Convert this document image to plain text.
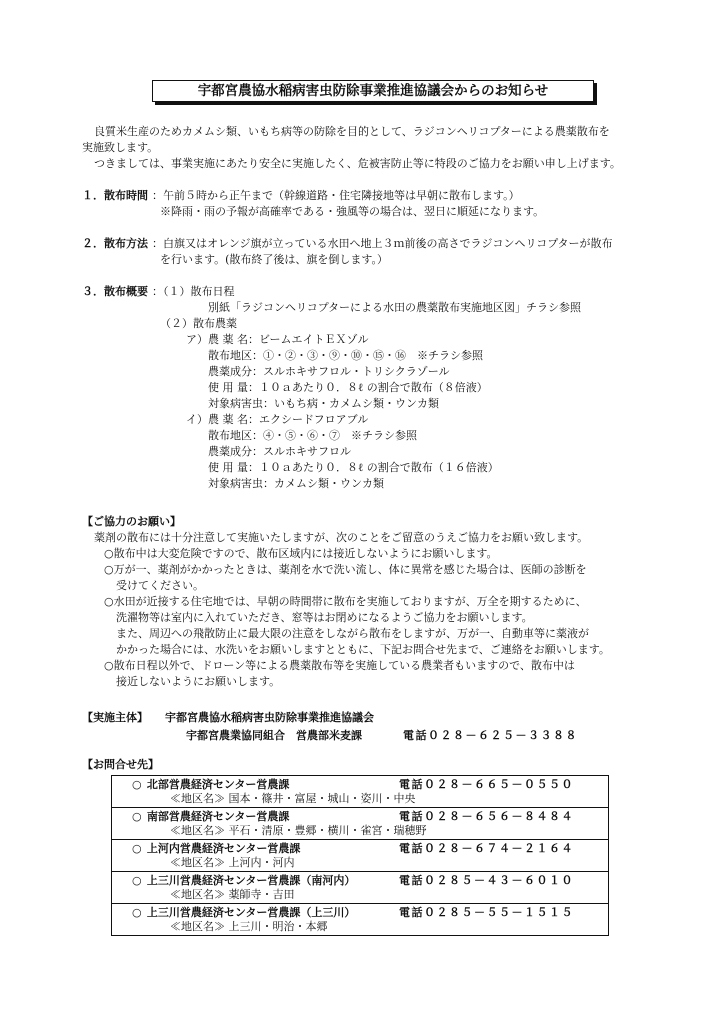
宇都宮農協水稲病害虫防除事業推進協議会からのお知らせ
良質米生産のためカメムシ類、いもち病等の防除を目的として、ラジコンヘリコプターによる農薬散布を
実施致します。
つきましては、事業実施にあたり安全に実施したく、危被害防止等に特段のご協力をお願い申し上げます。
１．散布時間 ：午前５時から正午まで（幹線道路・住宅隣接地等は早朝に散布します。）
※降雨・雨の予報が高確率である・強風等の場合は、翌日に順延になります。
２．散布方法 ：白旗又はオレンジ旗が立っている水田へ地上３ｍ前後の高さでラジコンヘリコプターが散布
を行います。(散布終了後は、旗を倒します。）
３．散布概要 ：（１）散布日程
別紙「ラジコンヘリコプターによる水田の農薬散布実施地区図」チラシ参照
（２）散布農薬
ア）農 薬 名：ビームエイトＥＸゾル
散布地区：①・②・③・⑨・⑩・⑮・⑯　※チラシ参照
農薬成分：スルホキサフロル・トリシクラゾール
使 用 量：１０ａあたり０．８ℓ の割合で散布（８倍液）
対象病害虫：いもち病・カメムシ類・ウンカ類
イ）農 薬 名：エクシードフロアブル
散布地区：④・⑤・⑥・⑦　※チラシ参照
農薬成分：スルホキサフロル
使 用 量：１０ａあたり０．８ℓ の割合で散布（１６倍液）
対象病害虫：カメムシ類・ウンカ類
【ご協力のお願い】
薬剤の散布には十分注意して実施いたしますが、次のことをご留意のうえご協力をお願い致します。
○散布中は大変危険ですので、散布区域内には接近しないようにお願いします。
○万が一、薬剤がかかったときは、薬剤を水で洗い流し、体に異常を感じた場合は、医師の診断を
受けてください。
○水田が近接する住宅地では、早朝の時間帯に散布を実施しておりますが、万全を期するために、
洗濯物等は室内に入れていただき、窓等はお閉めになるようご協力をお願いします。
また、周辺への飛散防止に最大限の注意をしながら散布をしますが、万が一、自動車等に薬液が
かかった場合には、水洗いをお願いしますとともに、下記お問合せ先まで、ご連絡をお願いします。
○散布日程以外で、ドローン等による農薬散布等を実施している農業者もいますので、散布中は
接近しないようにお願いします。
【実施主体】 宇都宮農協水稲病害虫防除事業推進協議会
宇都宮農業協同組合　営農部米麦課	電話０２８－６２５－３３８８
【お問合せ先】
○ 北部営農経済センター営農課	電話０２８－６６５－０５５０
≪地区名≫ 国本・篠井・富屋・城山・姿川・中央
○ 南部営農経済センター営農課	電話０２８－６５６－８４８４
≪地区名≫ 平石・清原・豊郷・横川・雀宮・瑞穂野
○ 上河内営農経済センター営農課	電話０２８－６７４－２１６４
≪地区名≫ 上河内・河内
○ 上三川営農経済センター営農課（南河内）	電話０２８５－４３－６０１０
≪地区名≫ 薬師寺・吉田
○ 上三川営農経済センター営農課（上三川）	電話０２８５－５５－１５１５
≪地区名≫ 上三川・明治・本郷
